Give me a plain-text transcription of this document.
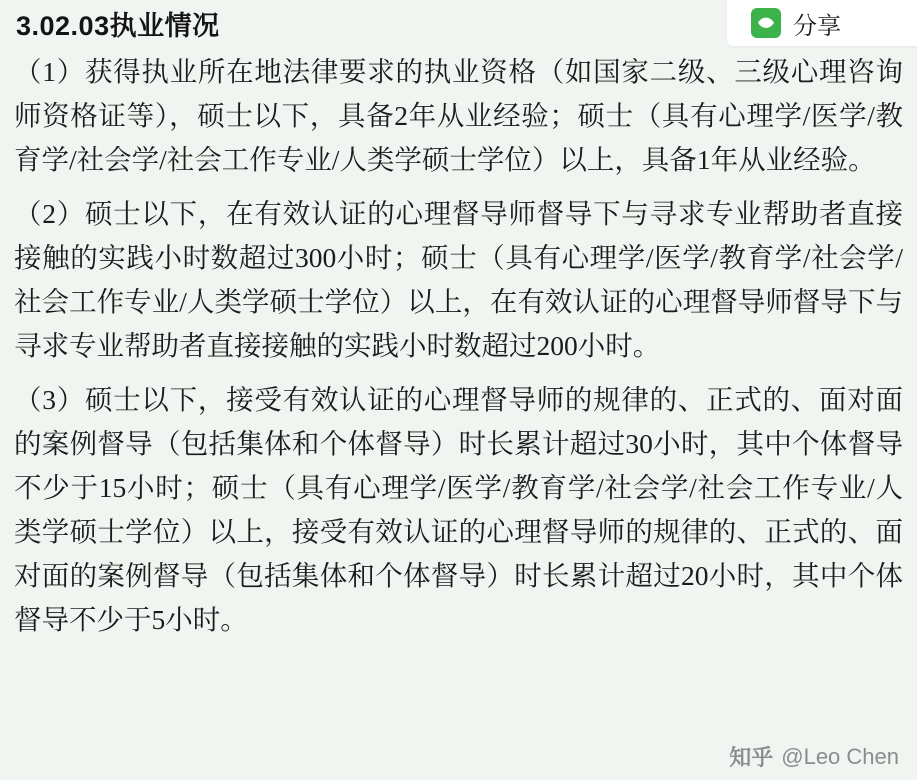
分享
3.02.03执业情况

（1）获得执业所在地法律要求的执业资格（如国家二级、三级心理咨询师资格证等），硕士以下，具备2年从业经验；硕士（具有心理学/医学/教育学/社会学/社会工作专业/人类学硕士学位）以上，具备1年从业经验。

（2）硕士以下，在有效认证的心理督导师督导下与寻求专业帮助者直接接触的实践小时数超过300小时；硕士（具有心理学/医学/教育学/社会学/社会工作专业/人类学硕士学位）以上，在有效认证的心理督导师督导下与寻求专业帮助者直接接触的实践小时数超过200小时。

（3）硕士以下，接受有效认证的心理督导师的规律的、正式的、面对面的案例督导（包括集体和个体督导）时长累计超过30小时，其中个体督导不少于15小时；硕士（具有心理学/医学/教育学/社会学/社会工作专业/人类学硕士学位）以上，接受有效认证的心理督导师的规律的、正式的、面对面的案例督导（包括集体和个体督导）时长累计超过20小时，其中个体督导不少于5小时。

知乎 @Leo Chen
